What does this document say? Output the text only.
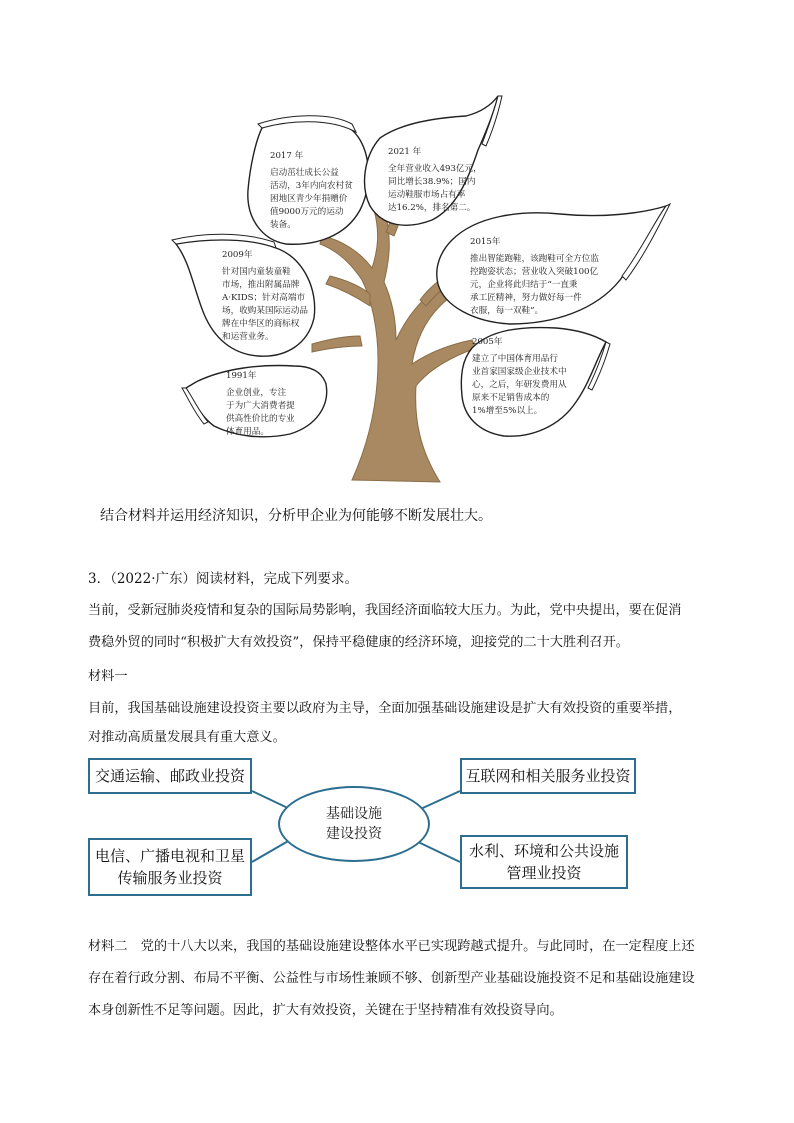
2017 年
启动茁壮成长公益
活动，3年内向农村贫
困地区青少年捐赠价
值9000万元的运动
装备。
2021 年
全年营业收入493亿元，
同比增长38.9%；国内
运动鞋服市场占有率
达16.2%，排名第二。
2009年
针对国内童装童鞋
市场，推出附属品牌
A·KIDS；针对高端市
场，收购某国际运动品
牌在中华区的商标权
和运营业务。
2015年
推出智能跑鞋，该跑鞋可全方位监
控跑姿状态；营业收入突破100亿
元，企业将此归结于“一直秉
承工匠精神，努力做好每一件
衣服，每一双鞋”。
2005年
建立了中国体育用品行
业首家国家级企业技术中
心，之后，年研发费用从
原来不足销售成本的
1%增至5%以上。
1991年
企业创业，专注
于为广大消费者提
供高性价比的专业
体育用品。
结合材料并运用经济知识，分析甲企业为何能够不断发展壮大。
3．（2022·广东）阅读材料，完成下列要求。
当前，受新冠肺炎疫情和复杂的国际局势影响，我国经济面临较大压力。为此，党中央提出，要在促消
费稳外贸的同时“积极扩大有效投资”，保持平稳健康的经济环境，迎接党的二十大胜利召开。
材料一
目前，我国基础设施建设投资主要以政府为主导，全面加强基础设施建设是扩大有效投资的重要举措，
对推动高质量发展具有重大意义。
交通运输、邮政业投资	互联网和相关服务业投资
基础设施
建设投资
电信、广播电视和卫星
传输服务业投资
水利、环境和公共设施
管理业投资
材料二　党的十八大以来，我国的基础设施建设整体水平已实现跨越式提升。与此同时，在一定程度上还
存在着行政分割、布局不平衡、公益性与市场性兼顾不够、创新型产业基础设施投资不足和基础设施建设
本身创新性不足等问题。因此，扩大有效投资，关键在于坚持精准有效投资导向。
